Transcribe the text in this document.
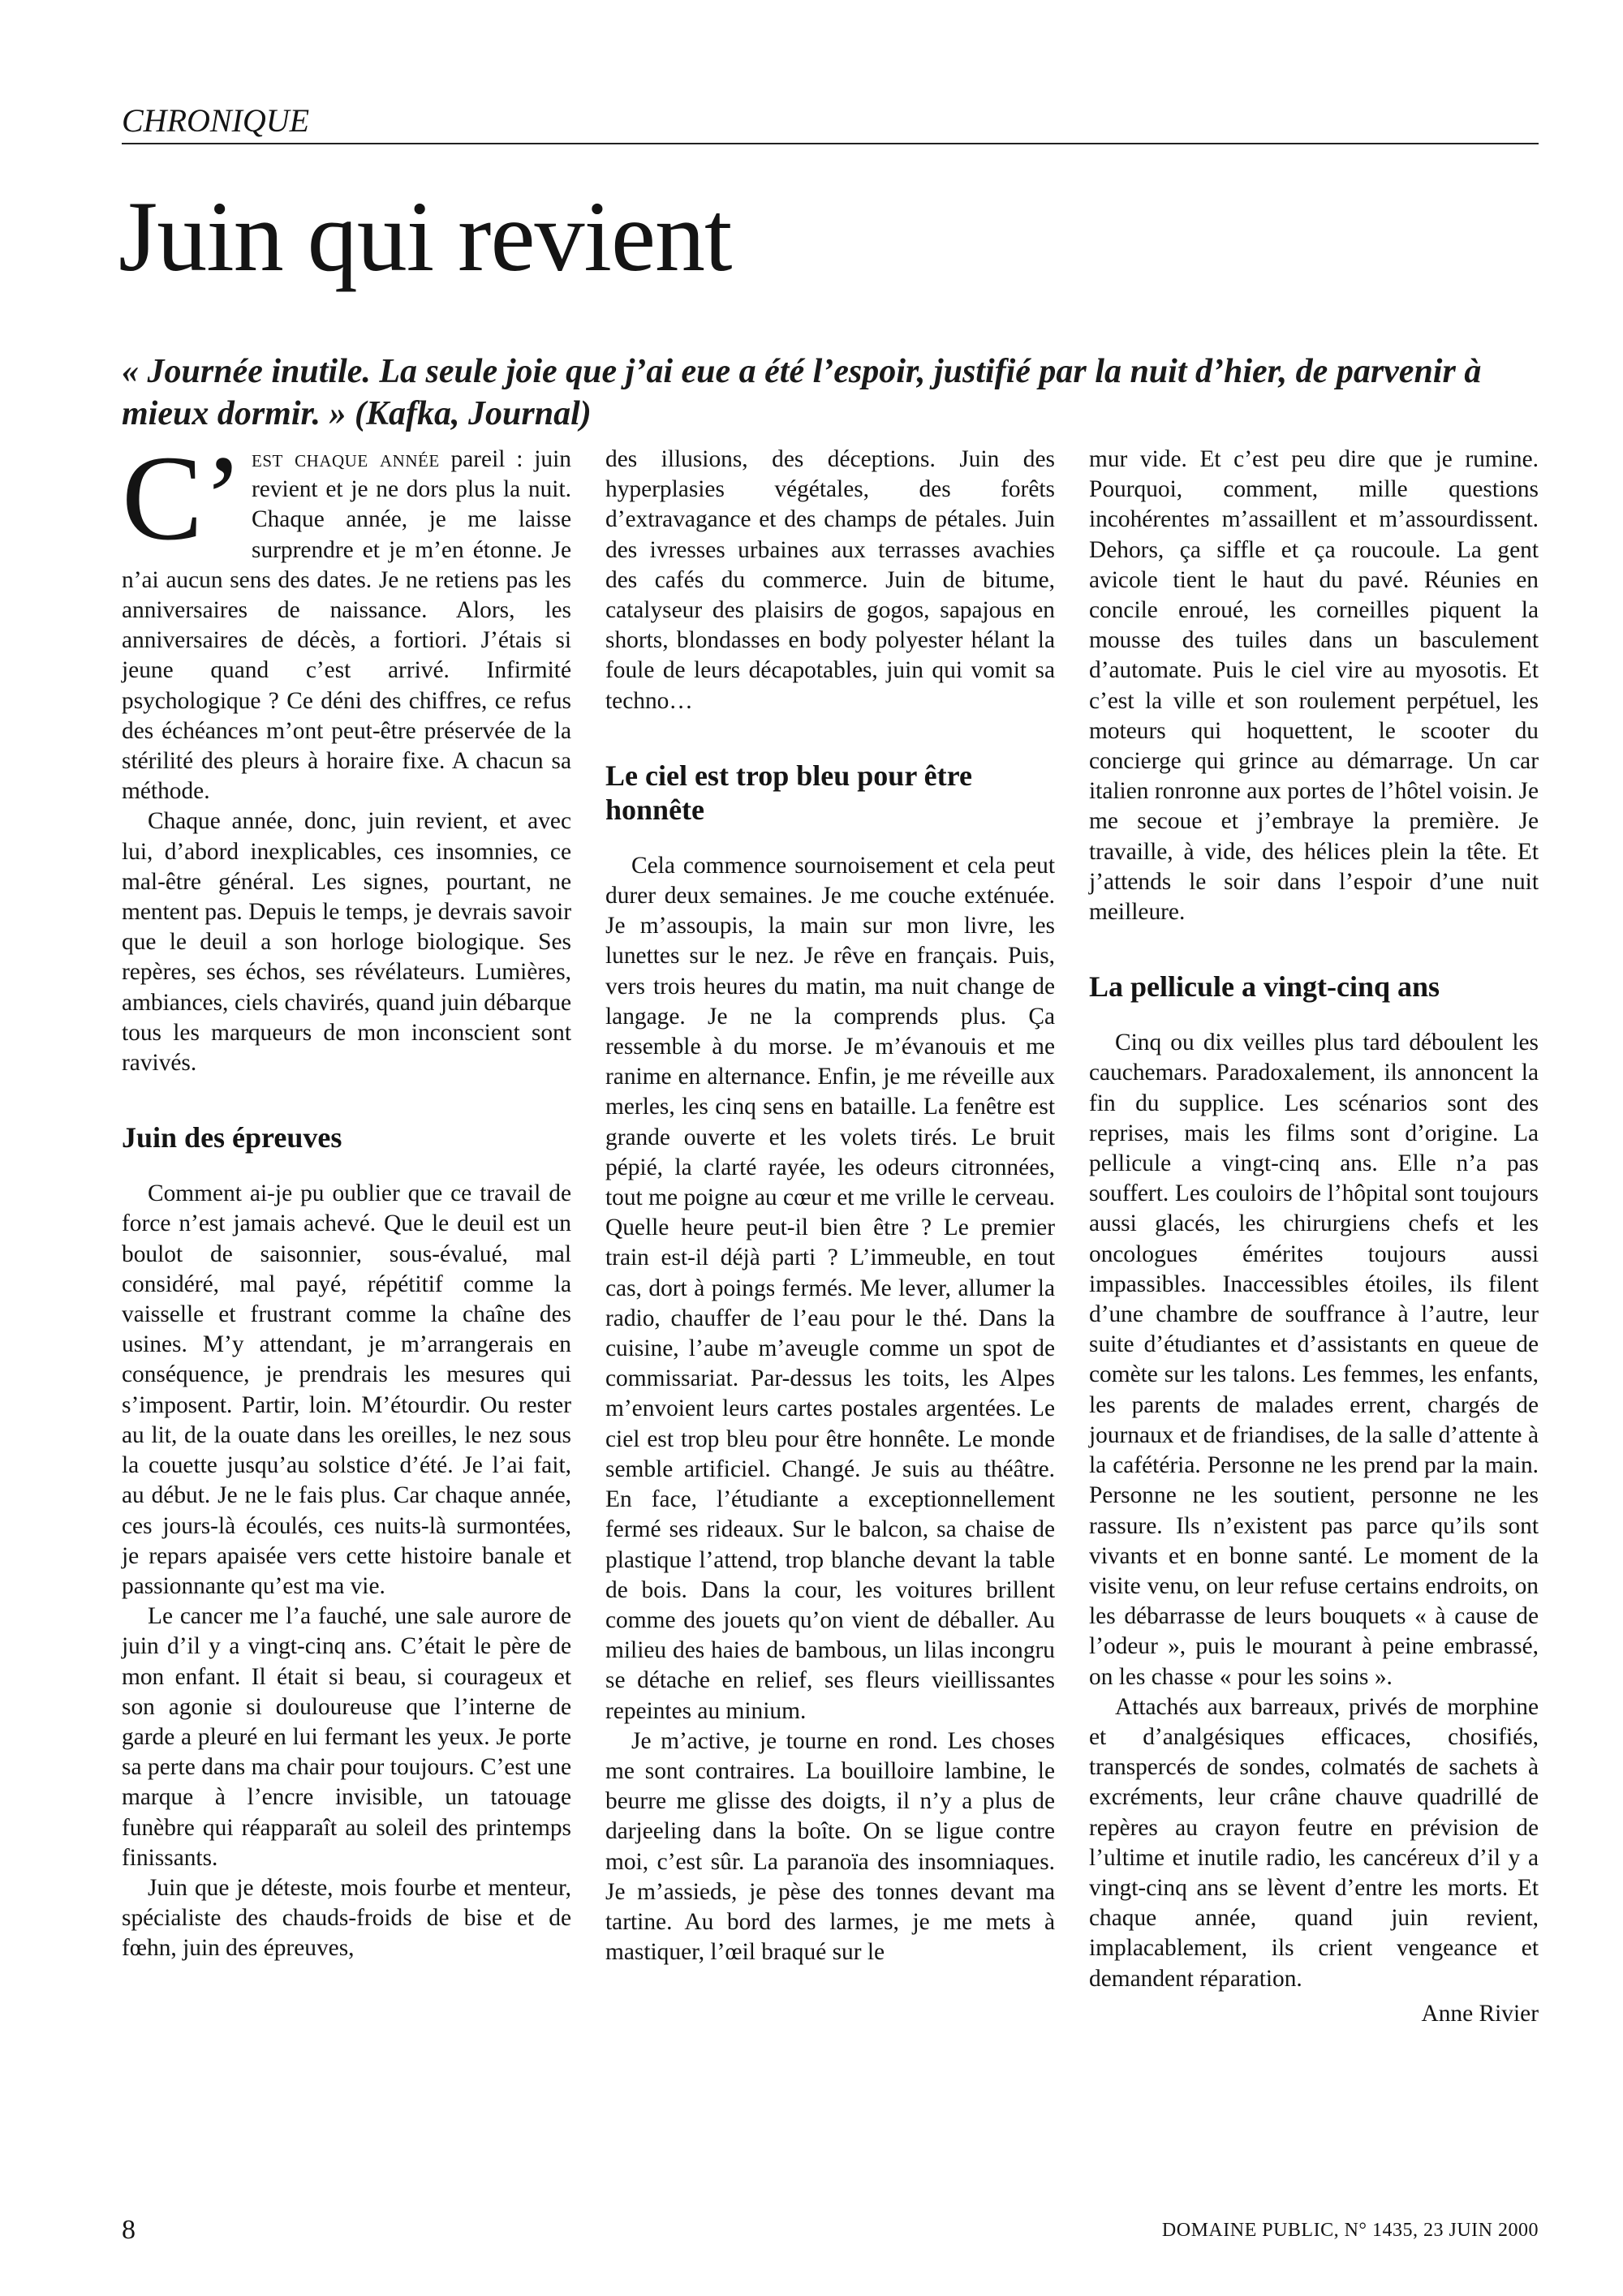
CHRONIQUE
Juin qui revient
« Journée inutile. La seule joie que j’ai eue a été l’espoir, justifié par la nuit d’hier, de parvenir à mieux dormir. » (Kafka, Journal)

C’ est chaque année pareil : juin revient et je ne dors plus la nuit. Chaque année, je me laisse surprendre et je m’en étonne. Je n’ai aucun sens des dates. Je ne retiens pas les anniversaires de naissance. Alors, les anniversaires de décès, a fortiori. J’étais si jeune quand c’est arrivé. Infirmité psychologique ? Ce déni des chiffres, ce refus des échéances m’ont peut-être préservée de la stérilité des pleurs à horaire fixe. A chacun sa méthode.

Chaque année, donc, juin revient, et avec lui, d’abord inexplicables, ces insomnies, ce mal-être général. Les signes, pourtant, ne mentent pas. Depuis le temps, je devrais savoir que le deuil a son horloge biologique. Ses repères, ses échos, ses révélateurs. Lumières, ambiances, ciels chavirés, quand juin débarque tous les marqueurs de mon inconscient sont ravivés.

Juin des épreuves

Comment ai-je pu oublier que ce travail de force n’est jamais achevé. Que le deuil est un boulot de saisonnier, sous-évalué, mal considéré, mal payé, répétitif comme la vaisselle et frustrant comme la chaîne des usines. M’y attendant, je m’arrangerais en conséquence, je prendrais les mesures qui s’imposent. Partir, loin. M’étourdir. Ou rester au lit, de la ouate dans les oreilles, le nez sous la couette jusqu’au solstice d’été. Je l’ai fait, au début. Je ne le fais plus. Car chaque année, ces jours-là écoulés, ces nuits-là surmontées, je repars apaisée vers cette histoire banale et passionnante qu’est ma vie.

Le cancer me l’a fauché, une sale aurore de juin d’il y a vingt-cinq ans. C’était le père de mon enfant. Il était si beau, si courageux et son agonie si douloureuse que l’interne de garde a pleuré en lui fermant les yeux. Je porte sa perte dans ma chair pour toujours. C’est une marque à l’encre invisible, un tatouage funèbre qui réapparaît au soleil des printemps finissants.

Juin que je déteste, mois fourbe et menteur, spécialiste des chauds-froids de bise et de fœhn, juin des épreuves,

des illusions, des déceptions. Juin des hyperplasies végétales, des forêts d’extravagance et des champs de pétales. Juin des ivresses urbaines aux terrasses avachies des cafés du commerce. Juin de bitume, catalyseur des plaisirs de gogos, sapajous en shorts, blondasses en body polyester hélant la foule de leurs décapotables, juin qui vomit sa techno…

Le ciel est trop bleu pour être honnête

Cela commence sournoisement et cela peut durer deux semaines. Je me couche exténuée. Je m’assoupis, la main sur mon livre, les lunettes sur le nez. Je rêve en français. Puis, vers trois heures du matin, ma nuit change de langage. Je ne la comprends plus. Ça ressemble à du morse. Je m’évanouis et me ranime en alternance. Enfin, je me réveille aux merles, les cinq sens en bataille. La fenêtre est grande ouverte et les volets tirés. Le bruit pépié, la clarté rayée, les odeurs citronnées, tout me poigne au cœur et me vrille le cerveau. Quelle heure peut-il bien être ? Le premier train est-il déjà parti ? L’immeuble, en tout cas, dort à poings fermés. Me lever, allumer la radio, chauffer de l’eau pour le thé. Dans la cuisine, l’aube m’aveugle comme un spot de commissariat. Par-dessus les toits, les Alpes m’envoient leurs cartes postales argentées. Le ciel est trop bleu pour être honnête. Le monde semble artificiel. Changé. Je suis au théâtre. En face, l’étudiante a exceptionnellement fermé ses rideaux. Sur le balcon, sa chaise de plastique l’attend, trop blanche devant la table de bois. Dans la cour, les voitures brillent comme des jouets qu’on vient de déballer. Au milieu des haies de bambous, un lilas incongru se détache en relief, ses fleurs vieillissantes repeintes au minium.

Je m’active, je tourne en rond. Les choses me sont contraires. La bouilloire lambine, le beurre me glisse des doigts, il n’y a plus de darjeeling dans la boîte. On se ligue contre moi, c’est sûr. La paranoïa des insomniaques. Je m’assieds, je pèse des tonnes devant ma tartine. Au bord des larmes, je me mets à mastiquer, l’œil braqué sur le

mur vide. Et c’est peu dire que je rumine. Pourquoi, comment, mille questions incohérentes m’assaillent et m’assourdissent. Dehors, ça siffle et ça roucoule. La gent avicole tient le haut du pavé. Réunies en concile enroué, les corneilles piquent la mousse des tuiles dans un basculement d’automate. Puis le ciel vire au myosotis. Et c’est la ville et son roulement perpétuel, les moteurs qui hoquettent, le scooter du concierge qui grince au démarrage. Un car italien ronronne aux portes de l’hôtel voisin. Je me secoue et j’embraye la première. Je travaille, à vide, des hélices plein la tête. Et j’attends le soir dans l’espoir d’une nuit meilleure.

La pellicule a vingt-cinq ans

Cinq ou dix veilles plus tard déboulent les cauchemars. Paradoxalement, ils annoncent la fin du supplice. Les scénarios sont des reprises, mais les films sont d’origine. La pellicule a vingt-cinq ans. Elle n’a pas souffert. Les couloirs de l’hôpital sont toujours aussi glacés, les chirurgiens chefs et les oncologues émérites toujours aussi impassibles. Inaccessibles étoiles, ils filent d’une chambre de souffrance à l’autre, leur suite d’étudiantes et d’assistants en queue de comète sur les talons. Les femmes, les enfants, les parents de malades errent, chargés de journaux et de friandises, de la salle d’attente à la cafétéria. Personne ne les prend par la main. Personne ne les soutient, personne ne les rassure. Ils n’existent pas parce qu’ils sont vivants et en bonne santé. Le moment de la visite venu, on leur refuse certains endroits, on les débarrasse de leurs bouquets « à cause de l’odeur », puis le mourant à peine embrassé, on les chasse « pour les soins ».

Attachés aux barreaux, privés de morphine et d’analgésiques efficaces, chosifiés, transpercés de sondes, colmatés de sachets à excréments, leur crâne chauve quadrillé de repères au crayon feutre en prévision de l’ultime et inutile radio, les cancéreux d’il y a vingt-cinq ans se lèvent d’entre les morts. Et chaque année, quand juin revient, implacablement, ils crient vengeance et demandent réparation.

Anne Rivier
8	DOMAINE PUBLIC, N° 1435, 23 JUIN 2000
